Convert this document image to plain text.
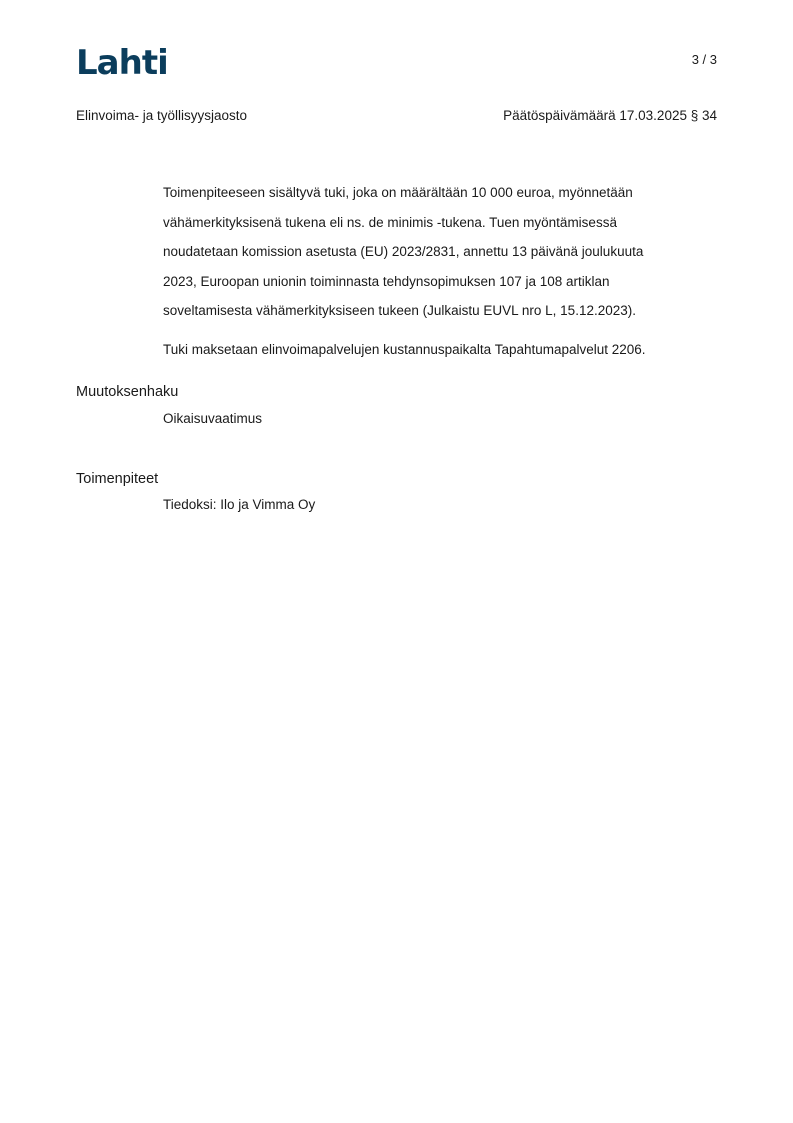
Lahti	3 / 3
Elinvoima- ja työllisyysjaosto	Päätöspäivämäärä 17.03.2025 § 34

Toimenpiteeseen sisältyvä tuki, joka on määrältään 10 000 euroa, myönnetään
vähämerkityksisenä tukena eli ns. de minimis -tukena. Tuen myöntämisessä
noudatetaan komission asetusta (EU) 2023/2831, annettu 13 päivänä joulukuuta
2023, Euroopan unionin toiminnasta tehdynsopimuksen 107 ja 108 artiklan
soveltamisesta vähämerkityksiseen tukeen (Julkaistu EUVL nro L, 15.12.2023).

Tuki maksetaan elinvoimapalvelujen kustannuspaikalta Tapahtumapalvelut 2206.

Muutoksenhaku
Oikaisuvaatimus
Toimenpiteet
Tiedoksi: Ilo ja Vimma Oy
